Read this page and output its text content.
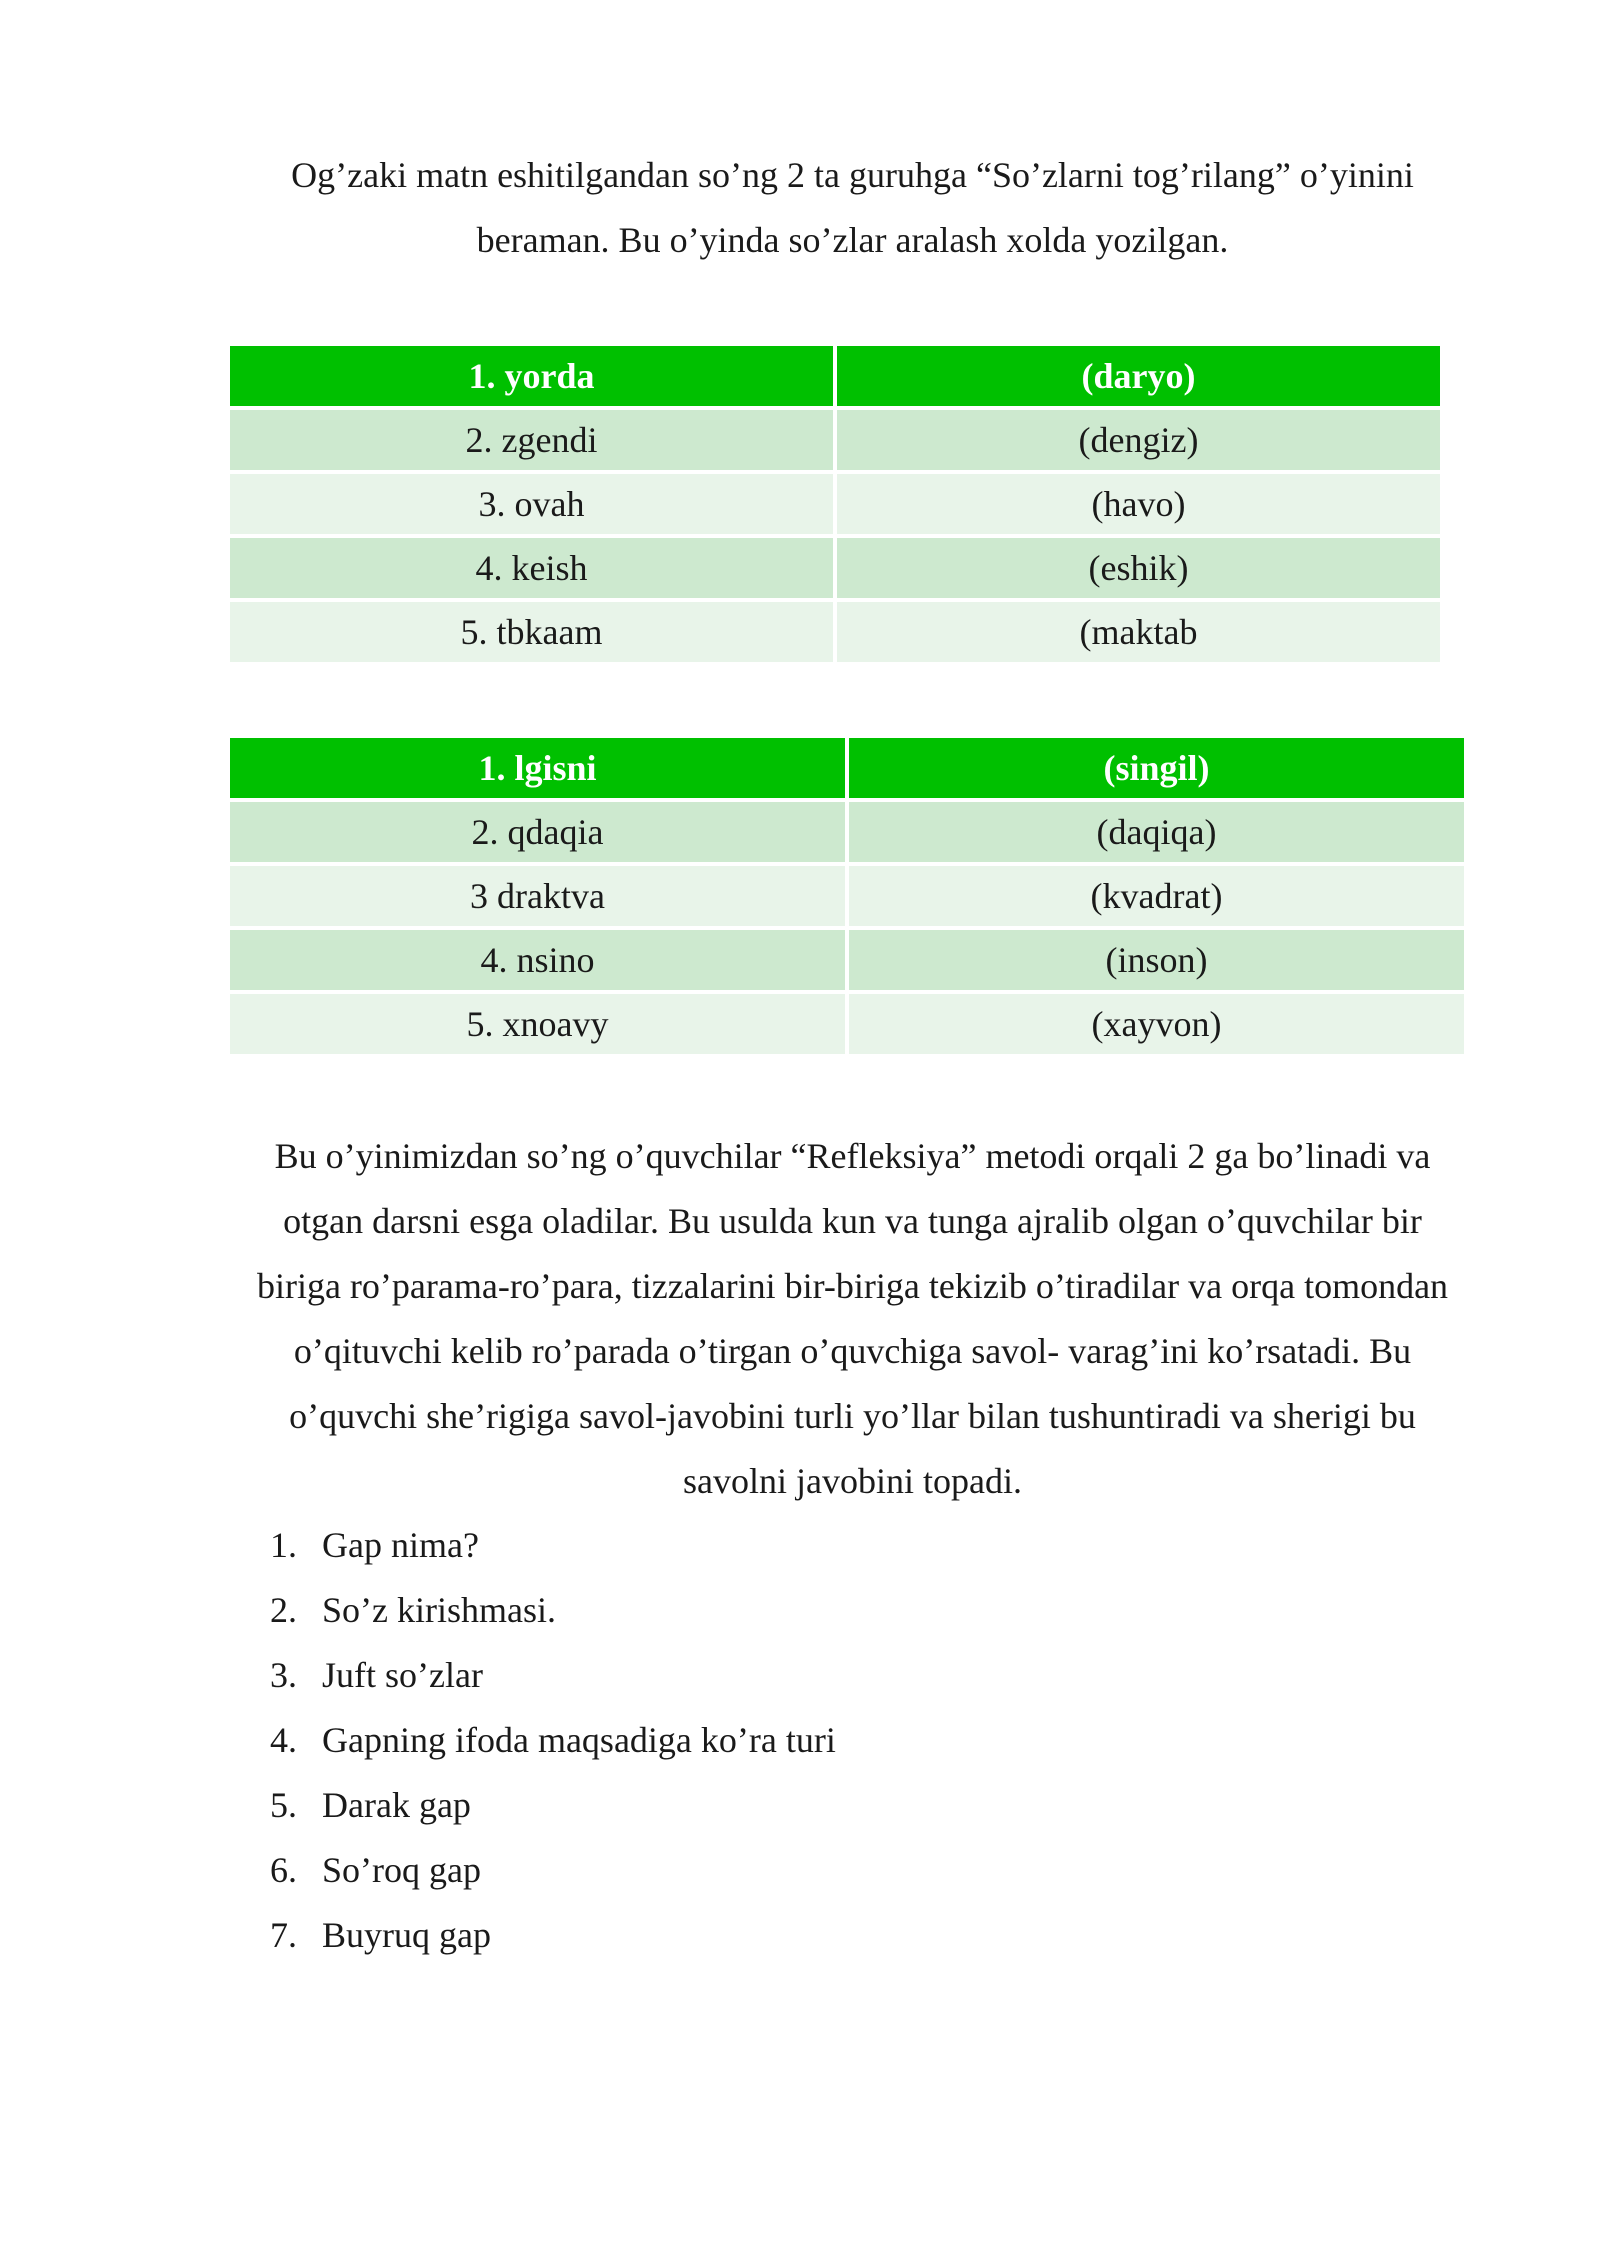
Og’zaki matn eshitilgandan so’ng 2 ta guruhga “So’zlarni tog’rilang” o’yinini
beraman. Bu o’yinda so’zlar aralash xolda yozilgan.

1. yorda	(daryo)
2. zgendi	(dengiz)
3. ovah	(havo)
4. keish	(eshik)
5. tbkaam	(maktab
1. lgisni	(singil)
2. qdaqia	(daqiqa)
3 draktva	(kvadrat)
4. nsino	(inson)
5. xnoavy	(xayvon)

Bu o’yinimizdan so’ng o’quvchilar “Refleksiya” metodi orqali 2 ga bo’linadi va
otgan darsni esga oladilar. Bu usulda kun va tunga ajralib olgan o’quvchilar bir
biriga ro’parama-ro’para, tizzalarini bir-biriga tekizib o’tiradilar va orqa tomondan
o’qituvchi kelib ro’parada o’tirgan o’quvchiga savol- varag’ini ko’rsatadi. Bu
o’quvchi she’rigiga savol-javobini turli yo’llar bilan tushuntiradi va sherigi bu
savolni javobini topadi.

1. Gap nima?
2. So’z kirishmasi.
3. Juft so’zlar
4. Gapning ifoda maqsadiga ko’ra turi
5. Darak gap
6. So’roq gap
7. Buyruq gap
